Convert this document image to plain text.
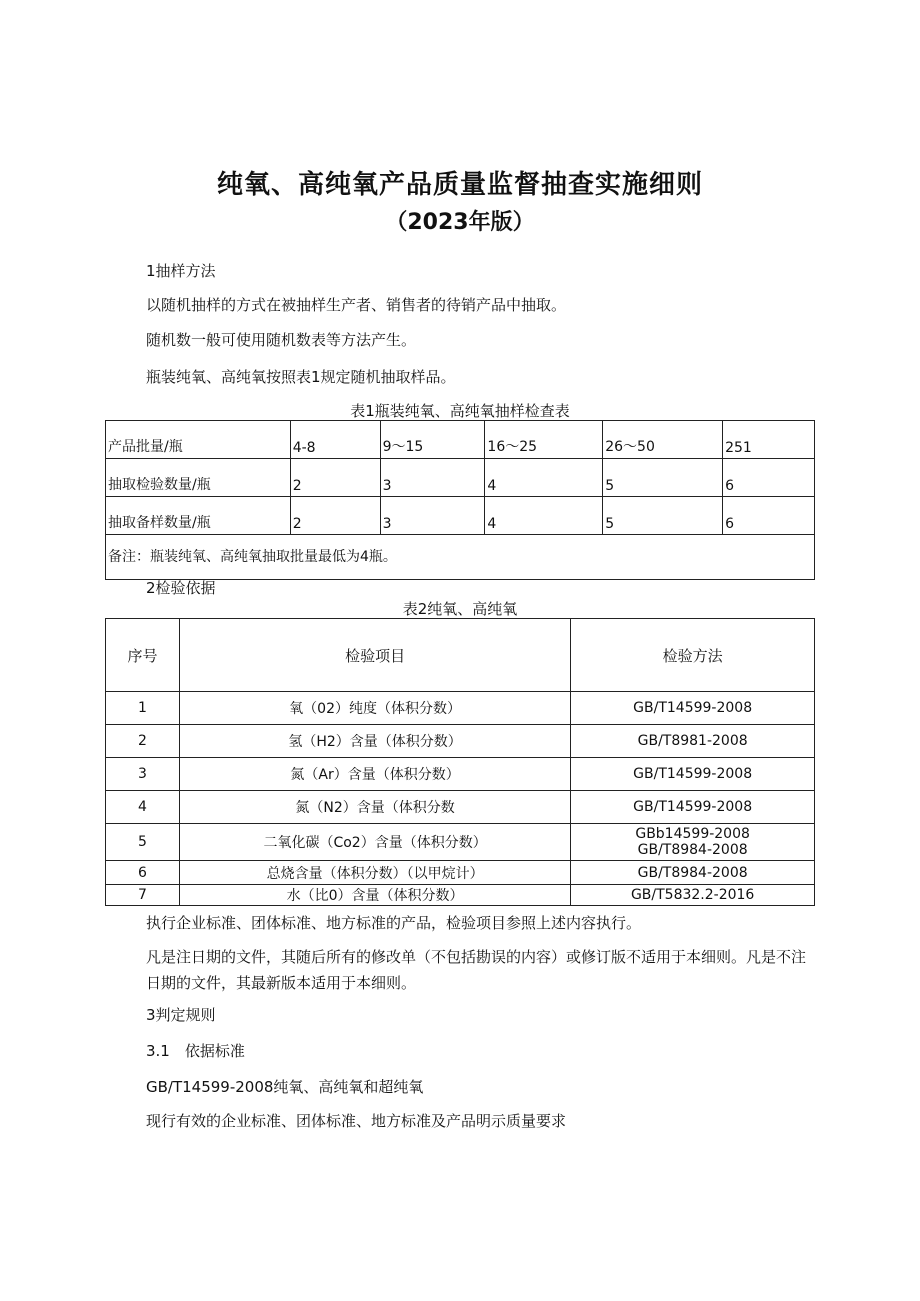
纯氧、高纯氧产品质量监督抽查实施细则
（2023年版）
1抽样方法
以随机抽样的方式在被抽样生产者、销售者的待销产品中抽取。
随机数一般可使用随机数表等方法产生。
瓶装纯氧、高纯氧按照表1规定随机抽取样品。
表1瓶装纯氧、高纯氧抽样检查表
产品批量/瓶	4-8	9～15	16～25	26～50	251
抽取检验数量/瓶	2	3	4	5	6
抽取备样数量/瓶	2	3	4	5	6
备注：瓶装纯氧、高纯氧抽取批量最低为4瓶。					
2检验依据
表2纯氧、高纯氧
序号	检验项目	检验方法
1	氧（02）纯度（体积分数）	GB/T14599-2008
2	氢（H2）含量（体积分数）	GB/T8981-2008
3	氮（Ar）含量（体积分数）	GB/T14599-2008
4	氮（N2）含量（体积分数	GB/T14599-2008
5	二氧化碳（Co2）含量（体积分数）	GBb14599-2008
GB/T8984-2008

6	总烧含量（体积分数）（以甲烷计）	GB/T8984-2008
7	水（比0）含量（体积分数）	GB/T5832.2-2016
执行企业标准、团体标准、地方标准的产品，检验项目参照上述内容执行。
凡是注日期的文件，其随后所有的修改单（不包括勘误的内容）或修订版不适用于本细则。凡是不注日期的文件，其最新版本适用于本细则。
3判定规则
3.1　依据标准
GB/T14599-2008纯氧、高纯氧和超纯氧
现行有效的企业标准、团体标准、地方标准及产品明示质量要求
